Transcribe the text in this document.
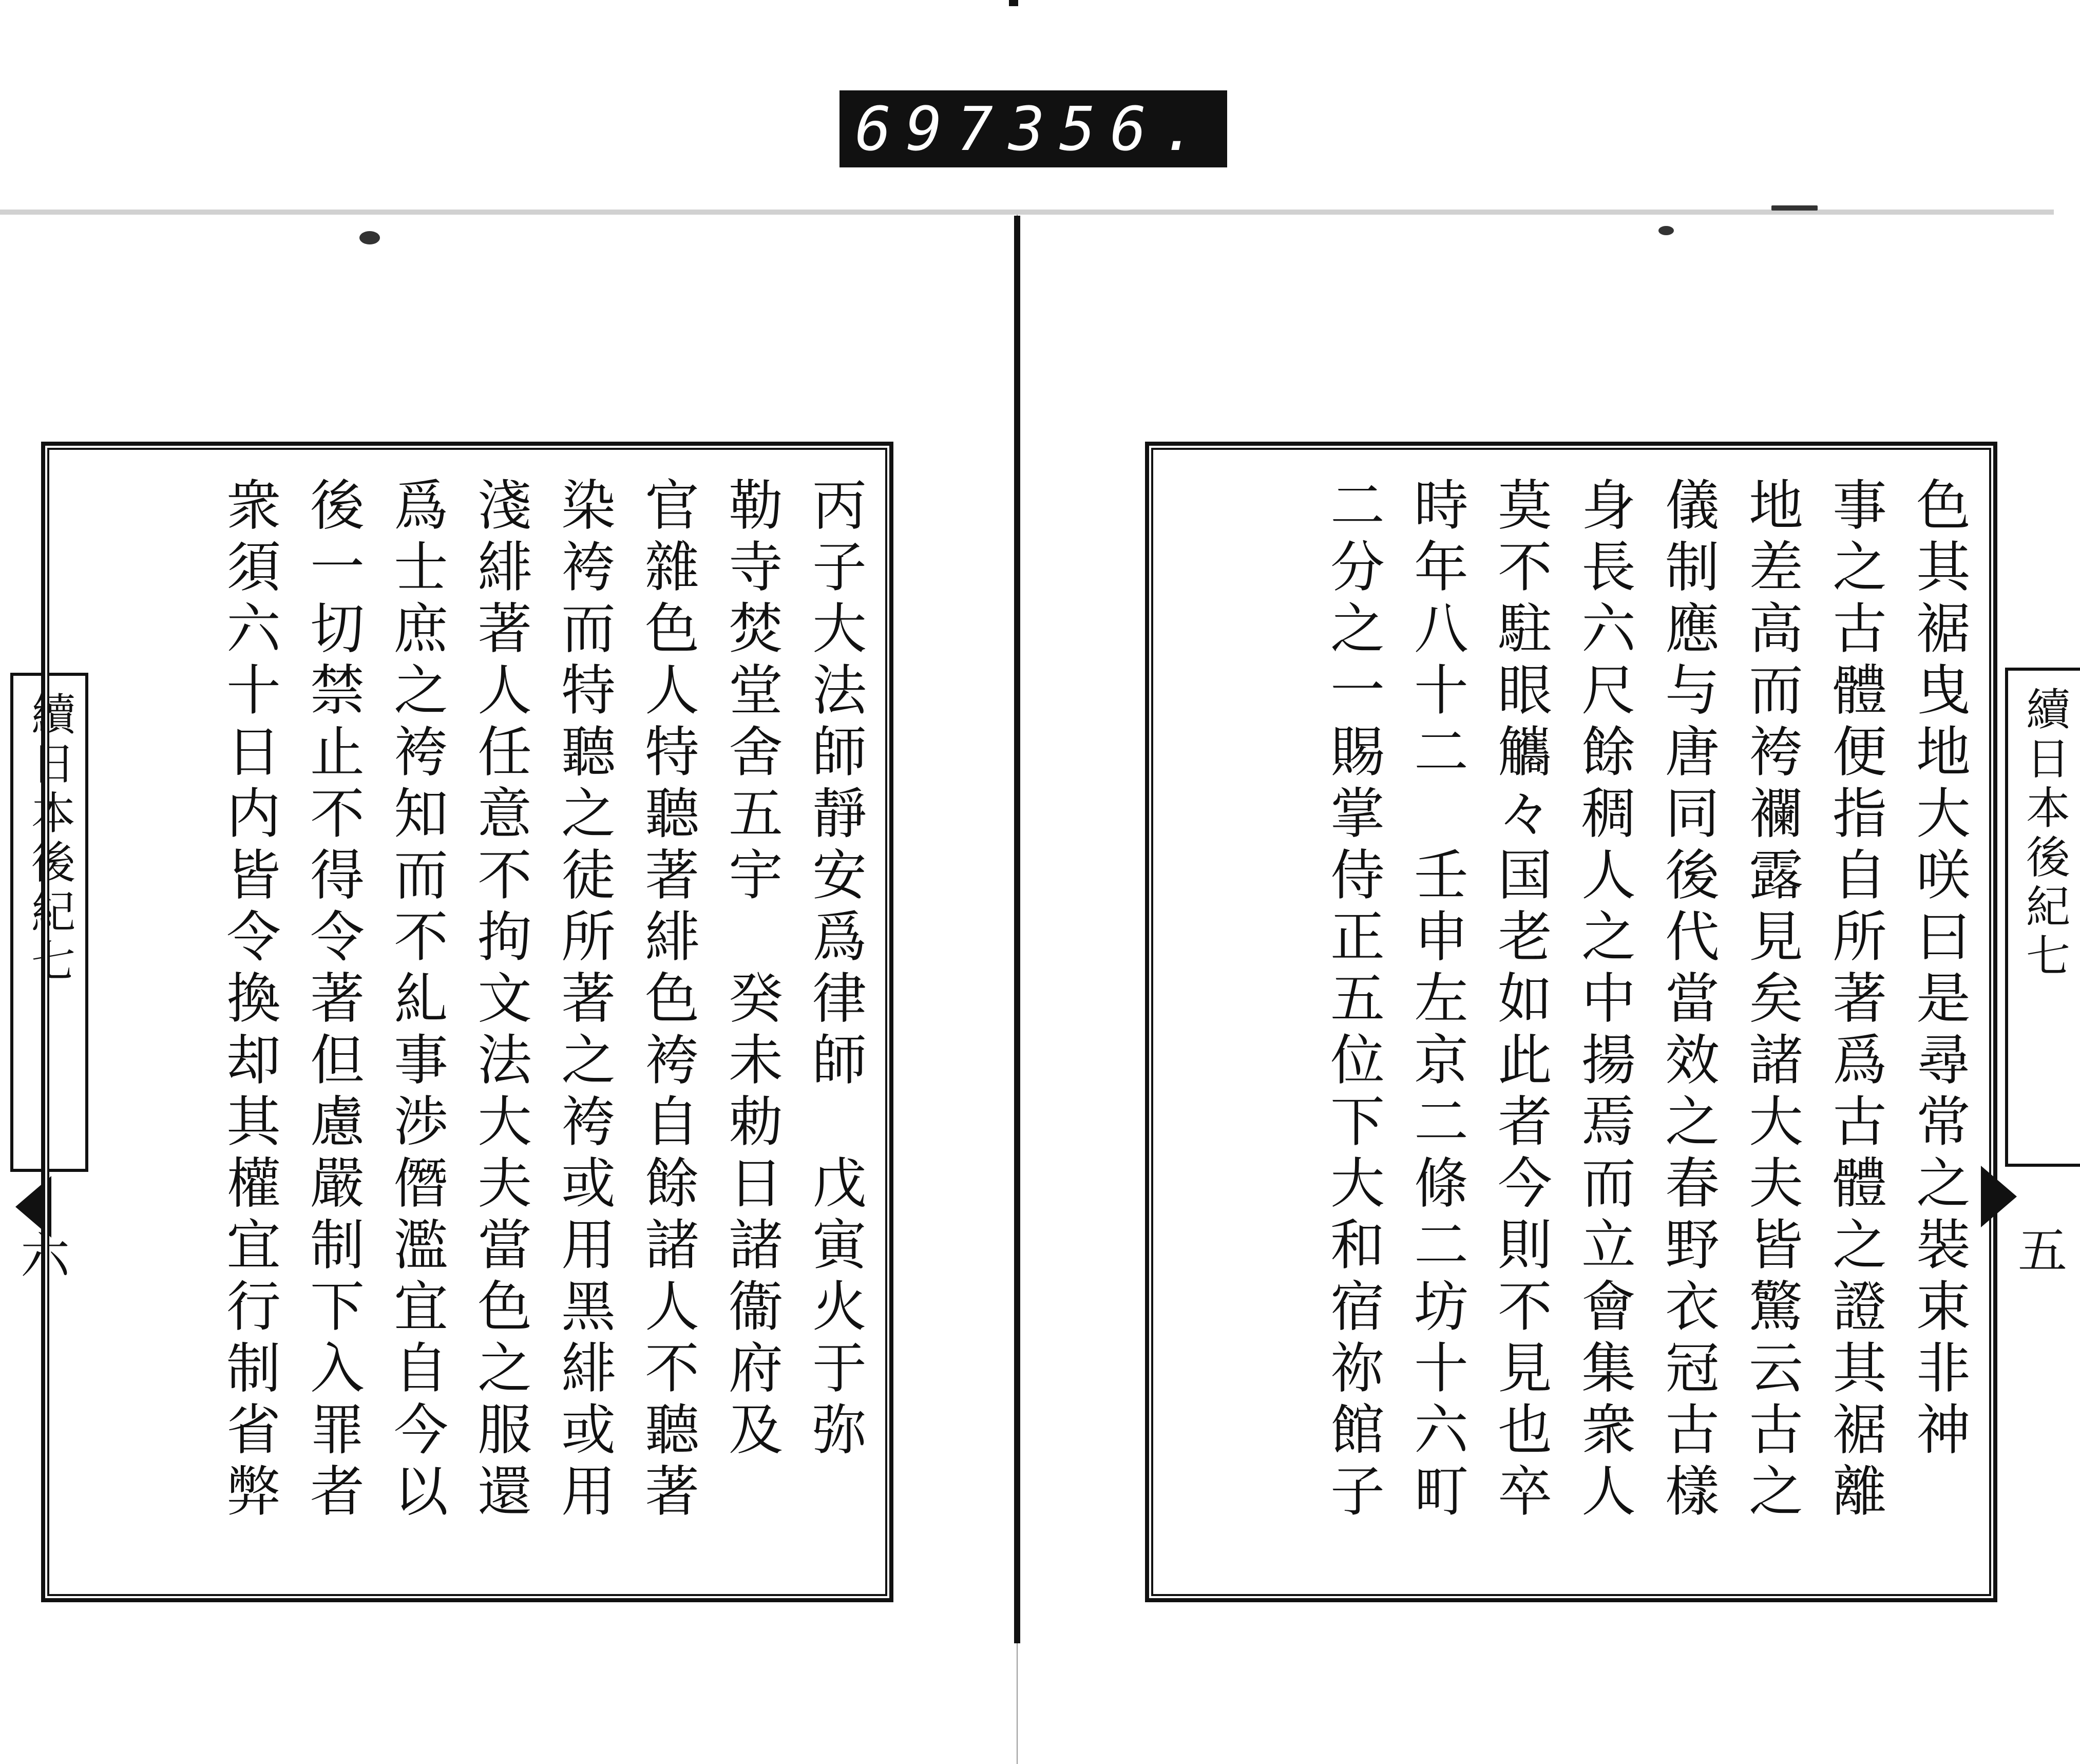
697 356.
續日本後紀七
六	丙子大法師靜安爲律師　戊寅火于弥
勒寺焚堂舍五宇　癸未勅日諸衞府及
官雜色人特聽著緋色袴自餘諸人不聽著
染袴而特聽之徒所著之袴或用黑緋或用
淺緋著人任意不拘文法大夫當色之服還
爲士庶之袴知而不糺事渉僭濫宜自今以
後一切禁止不得令著但慮嚴制下入罪者
衆須六十日内皆令換却其權宜行制省弊	色其裾曳地大咲曰是尋常之裝束非神
事之古體便指自所著爲古體之證其裾離
地差高而袴襴露見矣諸大夫皆驚云古之
儀制應与唐同後代當效之春野衣冠古樣
身長六尺餘稠人之中揚焉而立會集衆人
莫不駐眼觿々国老如此者今則不見也卒
時年八十二　壬申左京二條二坊十六町
二分之一賜掌侍正五位下大和宿祢館子	續日本後紀七
五
